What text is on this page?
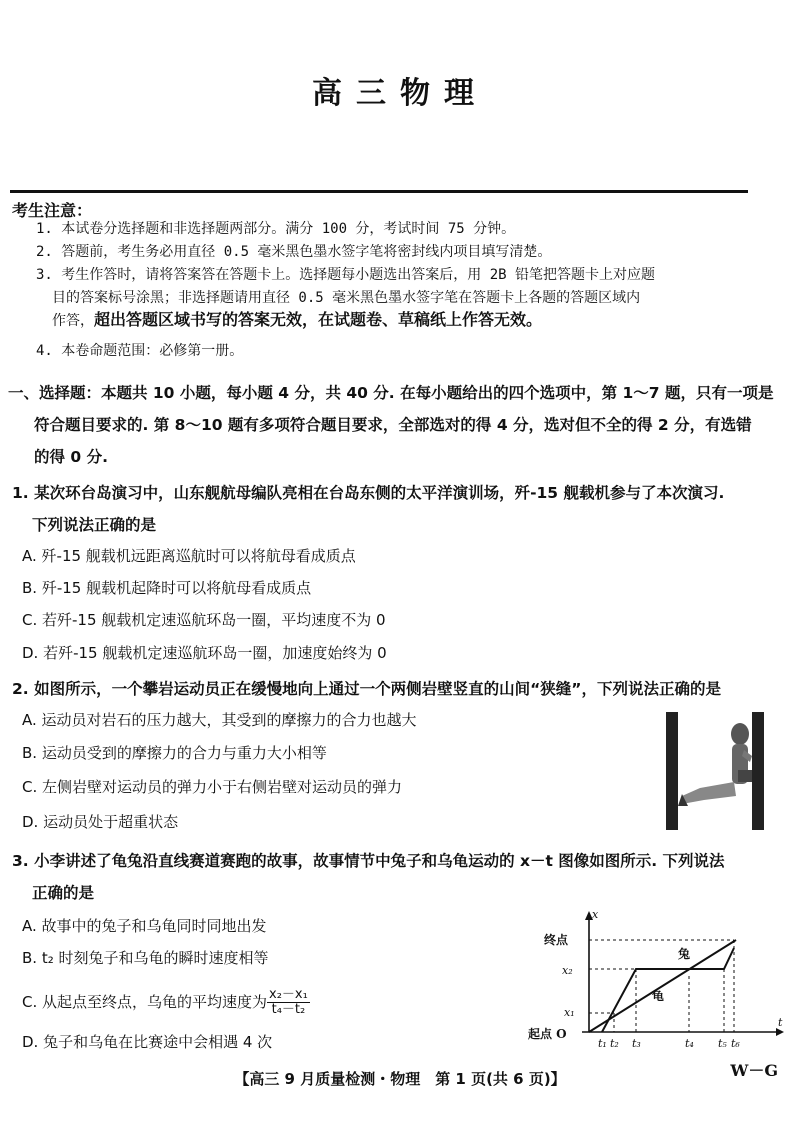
高三物理
考生注意：
1. 本试卷分选择题和非选择题两部分。满分 100 分，考试时间 75 分钟。
2. 答题前，考生务必用直径 0.5 毫米黑色墨水签字笔将密封线内项目填写清楚。
3. 考生作答时，请将答案答在答题卡上。选择题每小题选出答案后，用 2B 铅笔把答题卡上对应题
目的答案标号涂黑；非选择题请用直径 0.5 毫米黑色墨水签字笔在答题卡上各题的答题区域内
作答，超出答题区域书写的答案无效，在试题卷、草稿纸上作答无效。
4. 本卷命题范围：必修第一册。
一、选择题：本题共 10 小题，每小题 4 分，共 40 分. 在每小题给出的四个选项中，第 1～7 题，只有一项是
符合题目要求的. 第 8～10 题有多项符合题目要求，全部选对的得 4 分，选对但不全的得 2 分，有选错
的得 0 分.
1. 某次环台岛演习中，山东舰航母编队亮相在台岛东侧的太平洋演训场，歼-15 舰载机参与了本次演习.
下列说法正确的是
A. 歼-15 舰载机远距离巡航时可以将航母看成质点
B. 歼-15 舰载机起降时可以将航母看成质点
C. 若歼-15 舰载机定速巡航环岛一圈，平均速度不为 0
D. 若歼-15 舰载机定速巡航环岛一圈，加速度始终为 0
2. 如图所示，一个攀岩运动员正在缓慢地向上通过一个两侧岩壁竖直的山间“狭缝”，下列说法正确的是
A. 运动员对岩石的压力越大，其受到的摩擦力的合力也越大
B. 运动员受到的摩擦力的合力与重力大小相等
C. 左侧岩壁对运动员的弹力小于右侧岩壁对运动员的弹力
D. 运动员处于超重状态
3. 小李讲述了龟兔沿直线赛道赛跑的故事，故事情节中兔子和乌龟运动的 x－t 图像如图所示. 下列说法
正确的是
A. 故事中的兔子和乌龟同时同地出发
B. t₂ 时刻兔子和乌龟的瞬时速度相等
C. 从起点至终点，乌龟的平均速度为 $\frac{\text{x₂－x₁}}{\text{t₄－t₂}}$
D. 兔子和乌龟在比赛途中会相遇 4 次
x
t
起点 O
终点
x₂
x₁
兔
龟
t₁ t₂ t₃	t₄ t₅ t₆
【高三 9 月质量检测・物理　第 1 页(共 6 页)】	W－G
